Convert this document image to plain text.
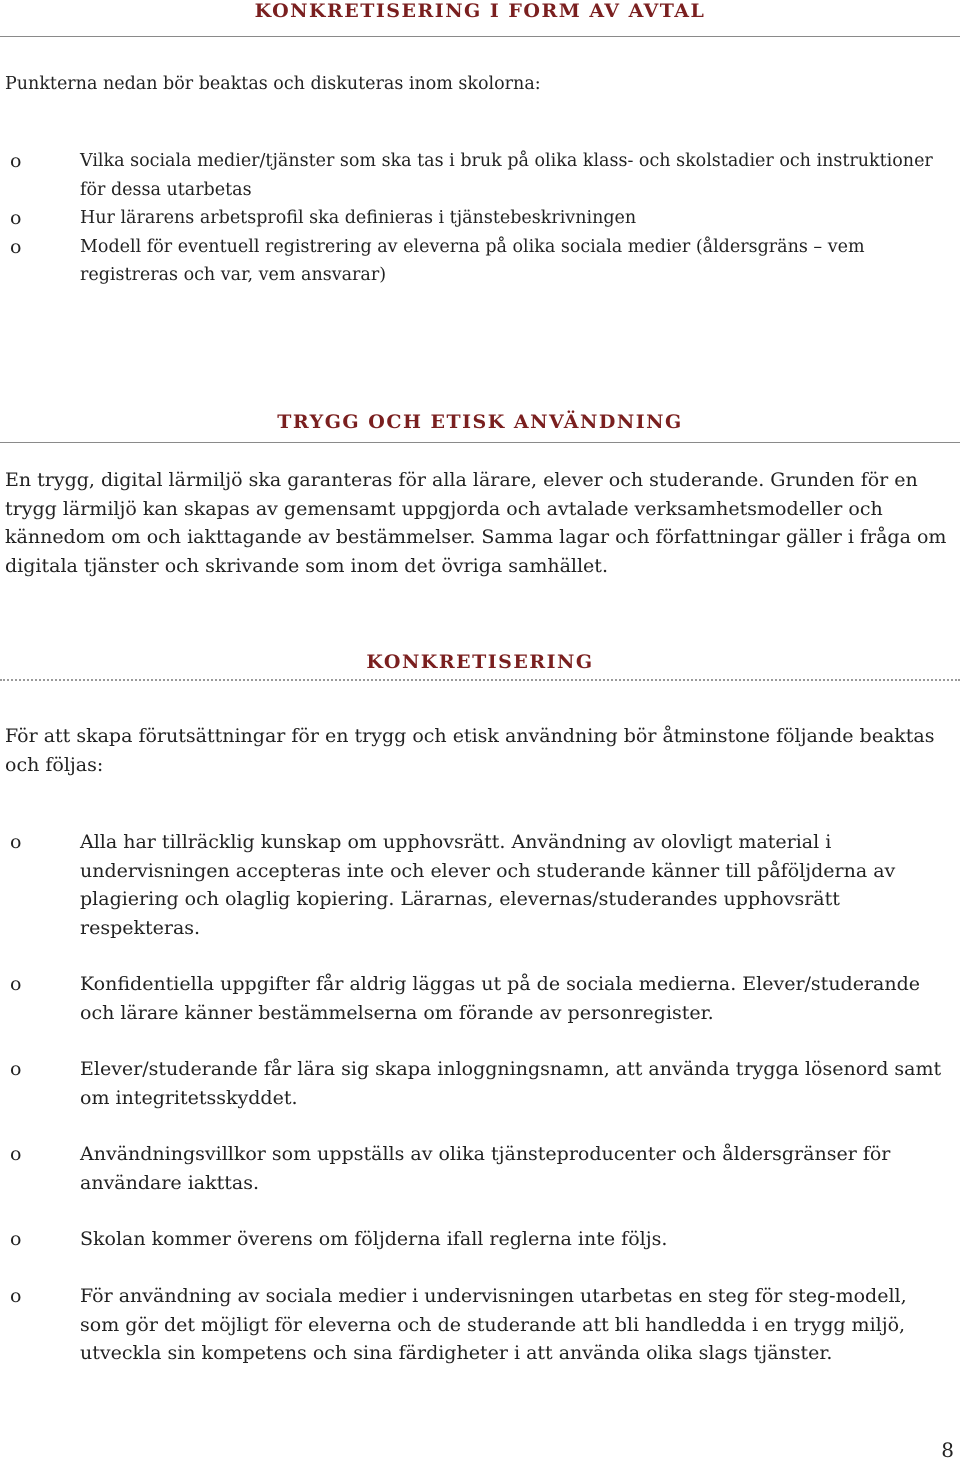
KONKRETISERING I FORM AV AVTAL

Punkterna nedan bör beaktas och diskuteras inom skolorna:

o	Vilka sociala medier/tjänster som ska tas i bruk på olika klass- och skolstadier och instruktioner för dessa utarbetas
o	Hur lärarens arbetsprofil ska definieras i tjänstebeskrivningen
o	Modell för eventuell registrering av eleverna på olika sociala medier (åldersgräns – vem registreras och var, vem ansvarar)
TRYGG OCH ETISK ANVÄNDNING

En trygg, digital lärmiljö ska garanteras för alla lärare, elever och studerande. Grunden för en trygg lärmiljö kan skapas av gemensamt uppgjorda och avtalade verksamhetsmodeller och kännedom om och iakttagande av bestämmelser. Samma lagar och författningar gäller i fråga om digitala tjänster och skrivande som inom det övriga samhället.

KONKRETISERING

För att skapa förutsättningar för en trygg och etisk användning bör åtminstone följande beaktas och följas:

o	Alla har tillräcklig kunskap om upphovsrätt. Användning av olovligt material i undervisningen accepteras inte och elever och studerande känner till påföljderna av plagiering och olaglig kopiering. Lärarnas, elevernas/studerandes upphovsrätt respekteras.
o	Konfidentiella uppgifter får aldrig läggas ut på de sociala medierna. Elever/studerande och lärare känner bestämmelserna om förande av personregister.
o	Elever/studerande får lära sig skapa inloggningsnamn, att använda trygga lösenord samt om integritetsskyddet.
o	Användningsvillkor som uppställs av olika tjänsteproducenter och åldersgränser för användare iakttas.
o	Skolan kommer överens om följderna ifall reglerna inte följs.
o	För användning av sociala medier i undervisningen utarbetas en steg för steg-modell, som gör det möjligt för eleverna och de studerande att bli handledda i en trygg miljö, utveckla sin kompetens och sina färdigheter i att använda olika slags tjänster.
8
